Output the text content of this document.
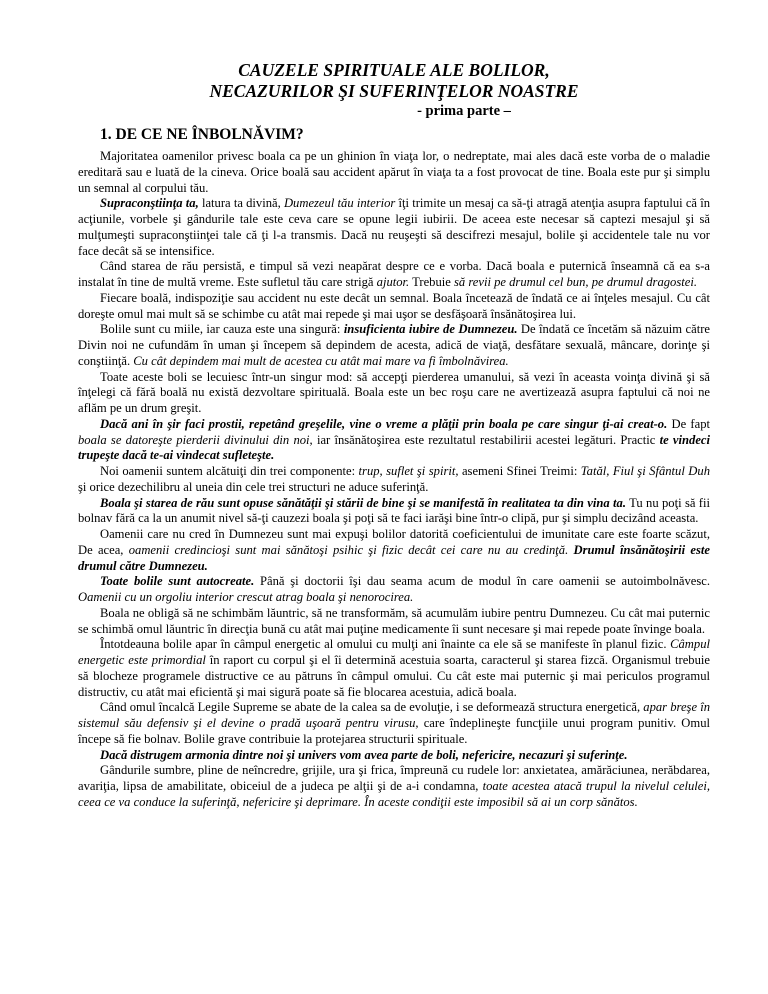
CAUZELE SPIRITUALE ALE BOLILOR,

NECAZURILOR ŞI SUFERINŢELOR NOASTRE

- prima parte –

1. DE CE NE ÎNBOLNĂVIM?

Majoritatea oamenilor privesc boala ca pe un ghinion în viaţa lor, o nedreptate, mai ales dacă este vorba de o maladie ereditară sau e luată de la cineva. Orice boală sau accident apărut în viaţa ta a fost provocat de tine. Boala este pur şi simplu un semnal al corpului tău.

Supraconştiinţa ta, latura ta divină, Dumezeul tău interior îţi trimite un mesaj ca să-ţi atragă atenţia asupra faptului că în acţiunile, vorbele şi gândurile tale este ceva care se opune legii iubirii. De aceea este necesar să captezi mesajul şi să mulţumeşti supraconştiinţei tale că ţi l-a transmis. Dacă nu reuşeşti să descifrezi mesajul, bolile şi accidentele tale nu vor face decât să se intensifice.

Când starea de rău persistă, e timpul să vezi neapărat despre ce e vorba. Dacă boala e puternică înseamnă că ea s-a instalat în tine de multă vreme. Este sufletul tău care strigă ajutor. Trebuie să revii pe drumul cel bun, pe drumul dragostei.

Fiecare boală, indispoziţie sau accident nu este decât un semnal. Boala încetează de îndată ce ai înţeles mesajul. Cu cât doreşte omul mai mult să se schimbe cu atât mai repede şi mai uşor se desfăşoară însănătoşirea lui.

Bolile sunt cu miile, iar cauza este una singură: insuficienta iubire de Dumnezeu. De îndată ce încetăm să năzuim către Divin noi ne cufundăm în uman şi începem să depindem de acesta, adică de viaţă, desfătare sexuală, mâncare, dorinţe şi conştiinţă. Cu cât depindem mai mult de acestea cu atât mai mare va fi îmbolnăvirea.

Toate aceste boli se lecuiesc într-un singur mod: să accepţi pierderea umanului, să vezi în aceasta voinţa divină şi să înţelegi că fără boală nu există dezvoltare spirituală. Boala este un bec roşu care ne avertizează asupra faptului că noi ne aflăm pe un drum greşit.

Dacă ani în şir faci prostii, repetând greşelile, vine o vreme a plăţii prin boala pe care singur ţi-ai creat-o. De fapt boala se datoreşte pierderii divinului din noi, iar însănătoşirea este rezultatul restabilirii acestei legături. Practic te vindeci trupeşte dacă te-ai vindecat sufleteşte.

Noi oamenii suntem alcătuiţi din trei componente: trup, suflet şi spirit, asemeni Sfinei Treimi: Tatăl, Fiul şi Sfântul Duh şi orice dezechilibru al uneia din cele trei structuri ne aduce suferinţă.

Boala şi starea de rău sunt opuse sănătăţii şi stării de bine şi se manifestă în realitatea ta din vina ta. Tu nu poţi să fii bolnav fără ca la un anumit nivel să-ţi cauzezi boala şi poţi să te faci iarăşi bine într-o clipă, pur şi simplu decizând aceasta.

Oamenii care nu cred în Dumnezeu sunt mai expuşi bolilor datorită coeficientului de imunitate care este foarte scăzut, De acea, oamenii credincioşi sunt mai sănătoşi psihic şi fizic decât cei care nu au credinţă. Drumul însănătoşirii este drumul către Dumnezeu.

Toate bolile sunt autocreate. Până şi doctorii îşi dau seama acum de modul în care oamenii se autoimbolnăvesc. Oamenii cu un orgoliu interior crescut atrag boala şi nenorocirea.

Boala ne obligă să ne schimbăm lăuntric, să ne transformăm, să acumulăm iubire pentru Dumnezeu. Cu cât mai puternic se schimbă omul lăuntric în direcţia bună cu atât mai puţine medicamente îi sunt necesare şi mai repede poate învinge boala.

Întotdeauna bolile apar în câmpul energetic al omului cu mulţi ani înainte ca ele să se manifeste în planul fizic. Câmpul energetic este primordial în raport cu corpul şi el îi determină acestuia soarta, caracterul şi starea fizcă. Organismul trebuie să blocheze programele distructive ce au pătruns în câmpul omului. Cu cât este mai puternic şi mai periculos programul distructiv, cu atât mai eficientă şi mai sigură poate să fie blocarea acestuia, adică boala.

Când omul încalcă Legile Supreme se abate de la calea sa de evoluţie, i se deformează structura energetică, apar breşe în sistemul său defensiv şi el devine o pradă uşoară pentru virusu, care îndeplineşte funcţiile unui program punitiv. Omul începe să fie bolnav. Bolile grave contribuie la protejarea structurii spirituale.

Dacă distrugem armonia dintre noi şi univers vom avea parte de boli, nefericire, necazuri şi suferinţe.

Gândurile sumbre, pline de neîncredre, grijile, ura şi frica, împreună cu rudele lor: anxietatea, amărăciunea, nerăbdarea, avariţia, lipsa de amabilitate, obiceiul de a judeca pe alţii şi de a-i condamna, toate acestea atacă trupul la nivelul celulei, ceea ce va conduce la suferinţă, nefericire şi deprimare. În aceste condiţii este imposibil să ai un corp sănătos.
